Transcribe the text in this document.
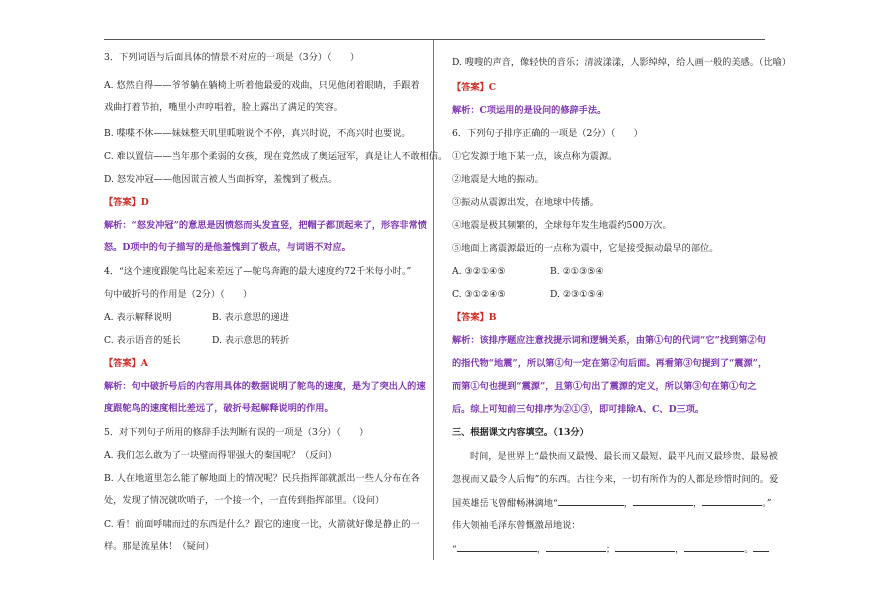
3．下列词语与后面具体的情景不对应的一项是（3分）（　　）
A. 悠然自得——爷爷躺在躺椅上听着他最爱的戏曲，只见他闭着眼睛，手跟着
戏曲打着节拍，嘴里小声哼唱着，脸上露出了满足的笑容。
B. 喋喋不休——妹妹整天叽里呱啦说个不停，真兴时说，不高兴时也要说。
C. 难以置信——当年那个柔弱的女孩，现在竟然成了奥运冠军，真是让人不敢相信。
D. 怒发冲冠——他因谎言被人当面拆穿，羞愧到了极点。
【答案】D
解析：“怒发冲冠”的意思是因愤怒而头发直竖，把帽子都顶起来了，形容非常愤
怒。D项中的句子描写的是他羞愧到了极点，与词语不对应。
4．“这个速度跟鸵鸟比起来差远了—鸵鸟奔跑的最大速度约72千米每小时。”
句中破折号的作用是（2分）（　　）
A. 表示解释说明	B. 表示意思的递进
C. 表示语音的延长	D. 表示意思的转折
【答案】A
解析：句中破折号后的内容用具体的数据说明了鸵鸟的速度，是为了突出人的速
度跟鸵鸟的速度相比差远了，破折号起解释说明的作用。
5．对下列句子所用的修辞手法判断有误的一项是（3分）（　　）
A. 我们怎么敢为了一块璧而得罪强大的秦国呢？（反问）
B. 人在地道里怎么能了解地面上的情况呢？民兵指挥部就派出一些人分布在各
处，发现了情况就吹哨子，一个接一个，一直传到指挥部里。（设问）
C. 看！前面呼啸而过的东西是什么？跟它的速度一比，火箭就好像是静止的一
样。那是流星体！（疑问）
D. 嗖嗖的声音，像轻快的音乐；清波漾漾，人影绰绰，给人画一般的美感。（比喻）
【答案】C
解析：C项运用的是设问的修辞手法。
6．下列句子排序正确的一项是（2分）（　　）
①它发源于地下某一点，该点称为震源。
②地震是大地的振动。
③振动从震源出发，在地球中传播。
④地震是极其频繁的，全球每年发生地震约500万次。
⑤地面上离震源最近的一点称为震中，它是接受振动最早的部位。
A. ③②①④⑤	B. ②①③⑤④
C. ③①②④⑤	D. ②③①⑤④
【答案】B
解析：该排序题应注意找提示词和逻辑关系，由第①句的代词“它”找到第②句
的指代物“地震”，所以第①句一定在第②句后面。再看第③句提到了“震源”，
而第①句也提到“震源”，且第①句出了震源的定义，所以第③句在第①句之
后。综上可知前三句排序为②①③，即可排除A、C、D三项。
三、根据课文内容填空。（13分）
时间，是世界上“最快而又最慢、最长而又最短、最平凡而又最珍贵、最易被
忽视而又最令人后悔”的东西。古往今来，一切有所作为的人都是珍惜时间的。爱
国英雄岳飞曾酣畅淋漓地“	，	，	。”
伟大领袖毛泽东曾慨激昂地说：
“	，	；	，	。
